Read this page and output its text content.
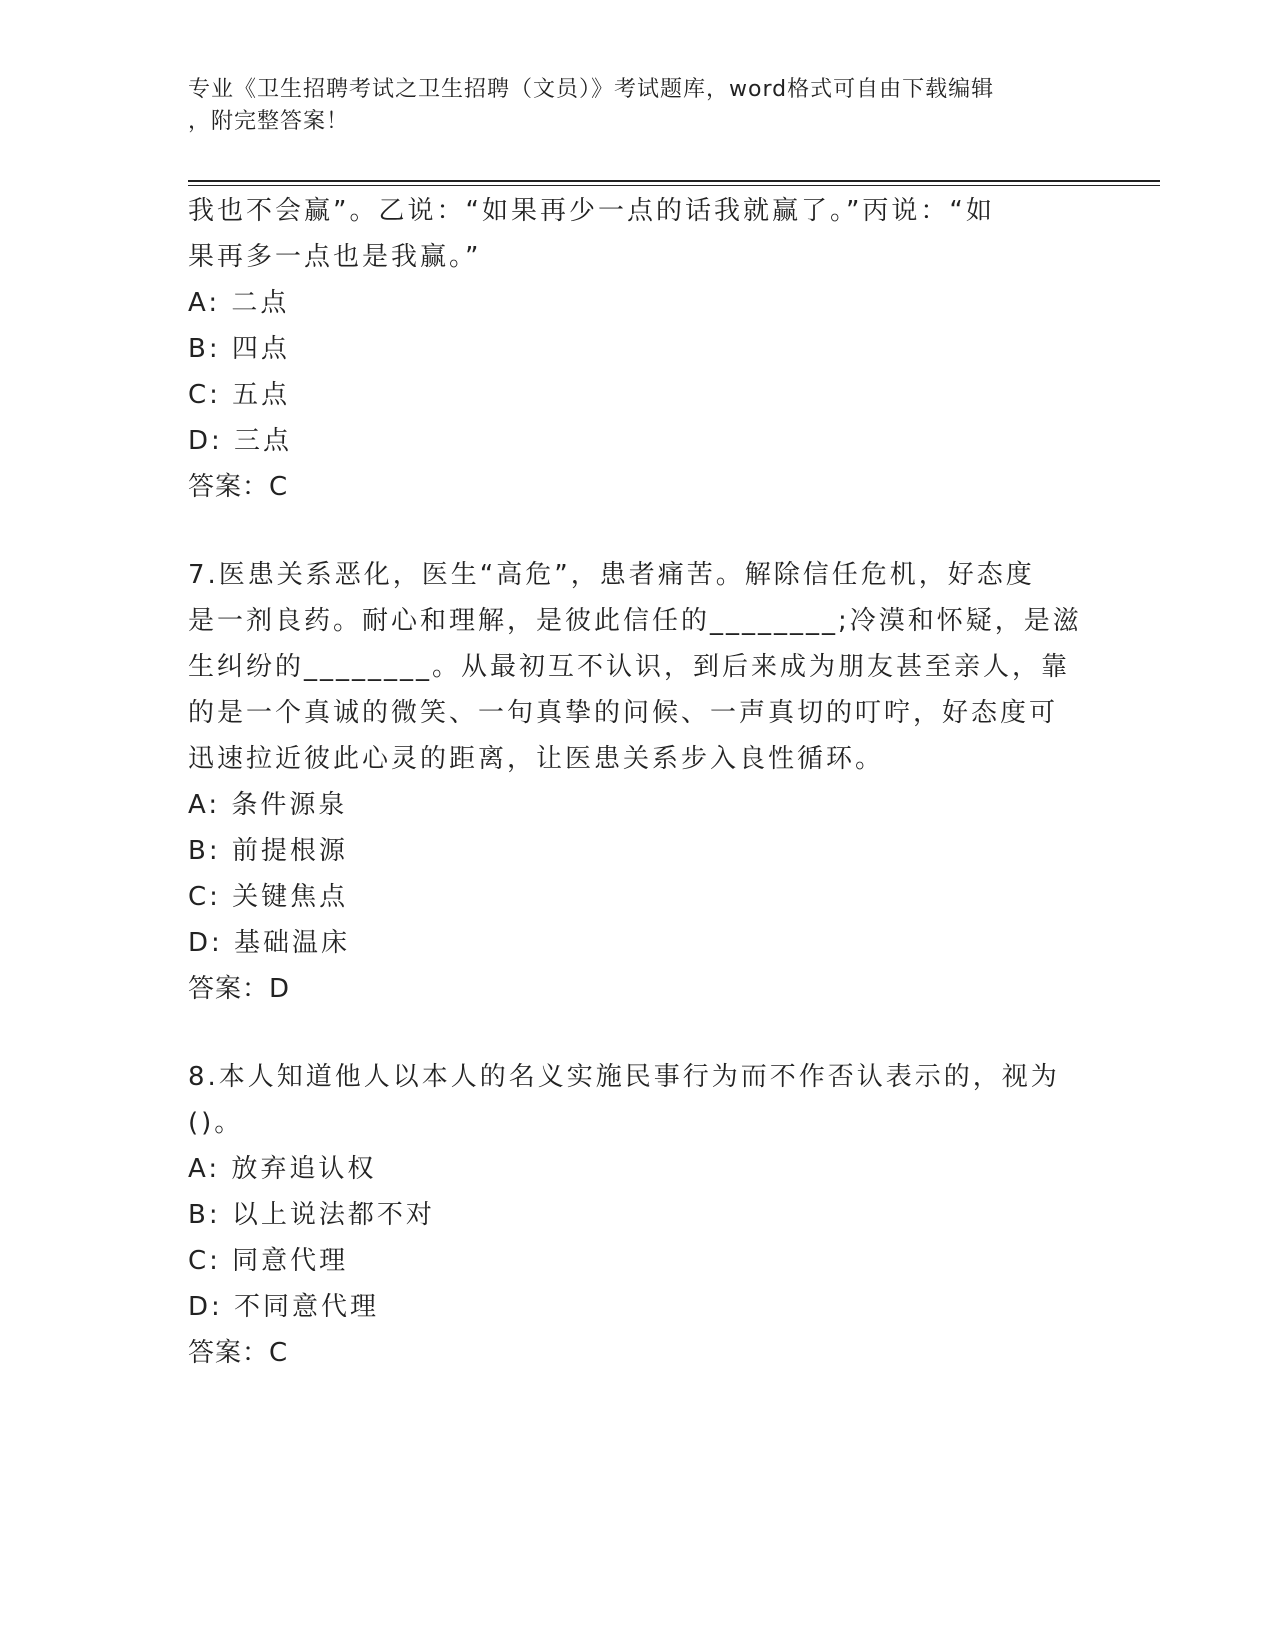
专业《卫生招聘考试之卫生招聘（文员）》考试题库，word格式可自由下载编辑
，附完整答案！

我也不会赢”。乙说：“如果再少一点的话我就赢了。”丙说：“如

果再多一点也是我赢。”

A: 二点

B: 四点

C: 五点

D: 三点

答案：C

7.医患关系恶化，医生“高危”，患者痛苦。解除信任危机，好态度

是一剂良药。耐心和理解，是彼此信任的________;冷漠和怀疑，是滋

生纠纷的________。从最初互不认识，到后来成为朋友甚至亲人，靠

的是一个真诚的微笑、一句真挚的问候、一声真切的叮咛，好态度可

迅速拉近彼此心灵的距离，让医患关系步入良性循环。

A: 条件源泉

B: 前提根源

C: 关键焦点

D: 基础温床

答案：D

8.本人知道他人以本人的名义实施民事行为而不作否认表示的，视为

()。

A: 放弃追认权

B: 以上说法都不对

C: 同意代理

D: 不同意代理

答案：C
